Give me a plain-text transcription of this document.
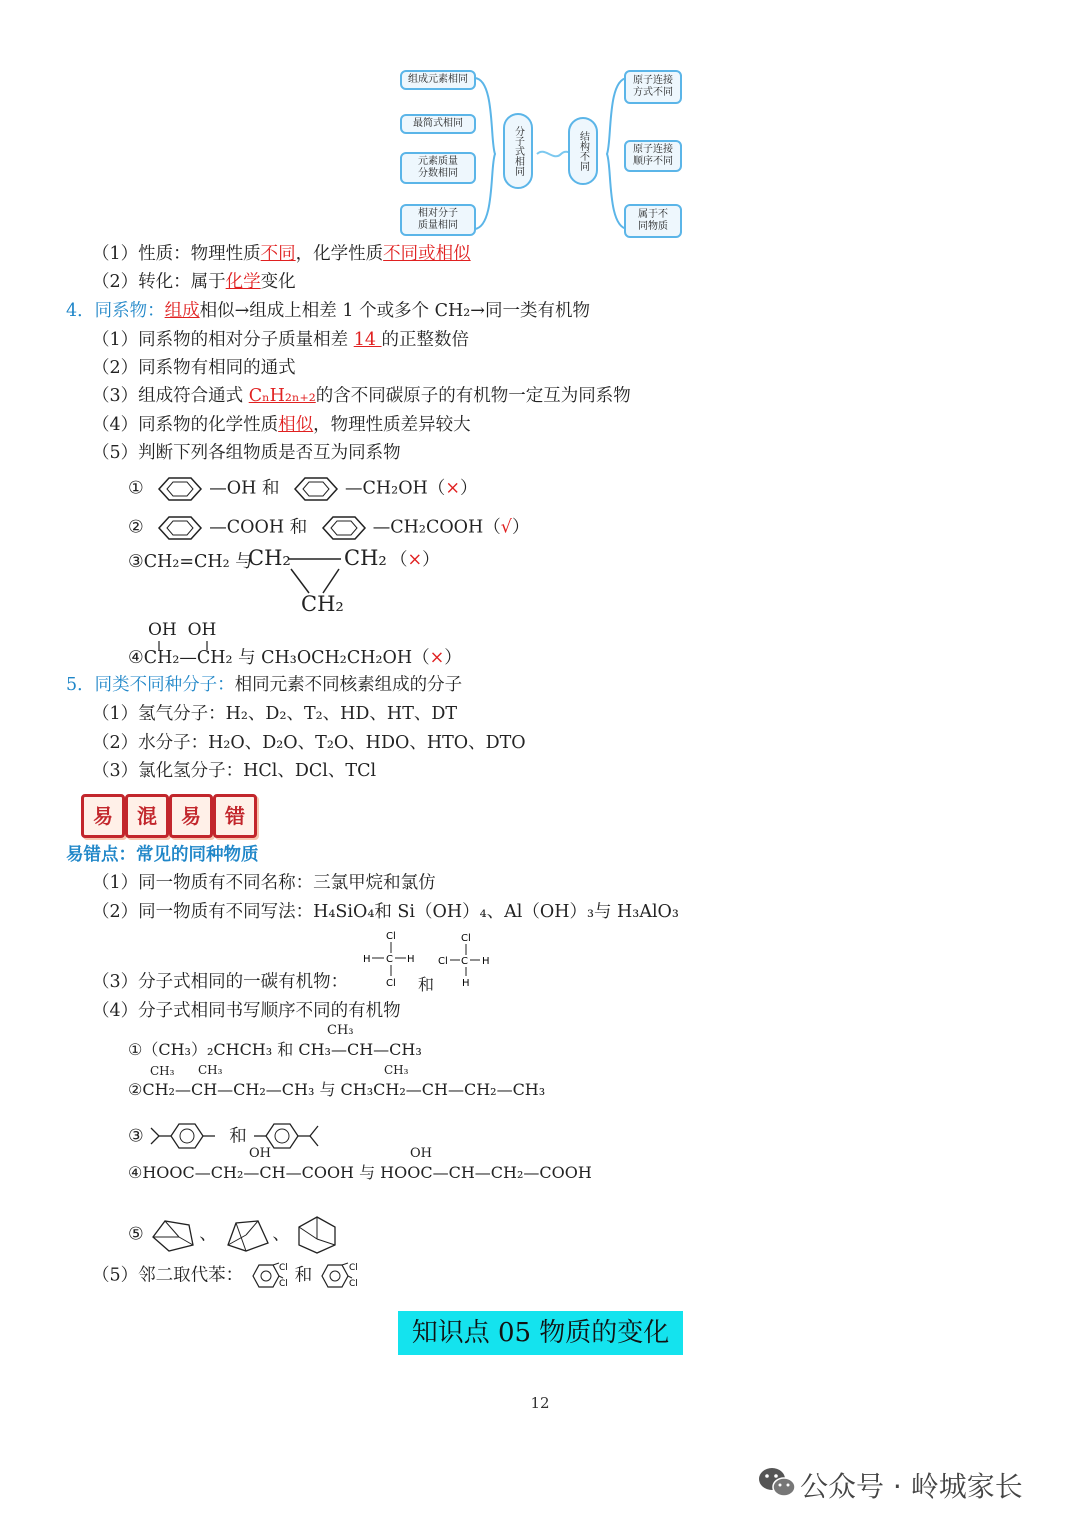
组成元素相同
最简式相同
元素质量
分数相同
相对分子
质量相同
分子式相同	结构不同
原子连接
方式不同
原子连接
顺序不同
属于不
同物质
（1）性质：物理性质不同，化学性质不同或相似
（2）转化：属于化学变化
4．同系物：组成相似→组成上相差 1 个或多个 CH₂→同一类有机物
（1）同系物的相对分子质量相差 14 的正整数倍
（2）同系物有相同的通式
（3）组成符合通式 CₙH₂ₙ₊₂的含不同碳原子的有机物一定互为同系物
（4）同系物的化学性质相似，物理性质差异较大
（5）判断下列各组物质是否互为同系物
①	—OH 和	—CH₂OH（×）
②	—COOH 和	—CH₂COOH（√）
③CH₂=CH₂ 与
CH₂	CH₂
CH₂
（×）
OH  OH
④CH₂—CH₂ 与 CH₃OCH₂CH₂OH（×）
5．同类不同种分子：相同元素不同核素组成的分子
（1）氢气分子：H₂、D₂、T₂、HD、HT、DT
（2）水分子：H₂O、D₂O、T₂O、HDO、HTO、DTO
（3）氯化氢分子：HCl、DCl、TCl
易	混	易	错
易错点：常见的同种物质
（1）同一物质有不同名称：三氯甲烷和氯仿
（2）同一物质有不同写法：H₄SiO₄和 Si（OH）₄、Al（OH）₃与 H₃AlO₃
（3）分子式相同的一碳有机物：
Cl
H C H
Cl
Cl
Cl C H
H
和
（4）分子式相同书写顺序不同的有机物
CH₃
①（CH₃）₂CHCH₃ 和 CH₃—CH—CH₃
CH₃ CH₃	CH₃
②CH₂—CH—CH₂—CH₃ 与 CH₃CH₂—CH—CH₂—CH₃
③	和
OH	OH
④HOOC—CH₂—CH—COOH 与 HOOC—CH—CH₂—COOH
⑤	、	、
（5）邻二取代苯：	Cl
Cl 和	Cl
Cl
知识点 05 物质的变化
12
公众号 · 岭城家长
